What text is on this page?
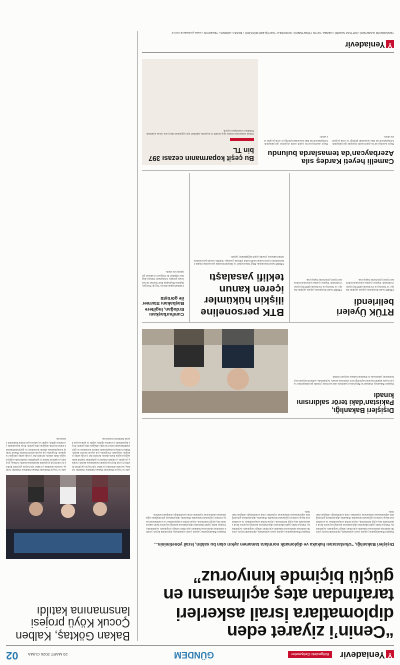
YYeniadevir
Bölgedeki Gelişmeler
GÜNDEM
20 MART 2026 CUMA
02
“Cenin’i ziyaret eden diplomatlara İsrail askerleri tarafından ateş açılmasını en güçlü biçimde kınıyoruz”
Dışişleri Bakanlığı, “Uluslararası hukuka ve diplomatik normlara tamamen aykırı olan bu saldırı, İsrail yönetiminin...
Dışişleri Bakanlığından yapılan yazılı açıklamada, diplomatik heyete yönelik saldırının uluslararası hukukun açık ihlali olduğu vurgulandı. Açıklamada, Türkiye dahil çeşitli ülkelerden diplomatların katıldığı ziyarette İsrail askerlerinin ateş açtığı belirtilerek, olayın derhal soruşturulması ve sorumluların hesap vermesi çağrısında bulunuldu. Bakanlık, diplomatların güvenliğinin sağlanmasının uluslararası toplumun ortak sorumluluğu olduğunu hatırlattı.
Dışişleri Bakanlığından yapılan yazılı açıklamada, diplomatik heyete yönelik saldırının uluslararası hukukun açık ihlali olduğu vurgulandı. Açıklamada, Türkiye dahil çeşitli ülkelerden diplomatların katıldığı ziyarette İsrail askerlerinin ateş açtığı belirtilerek, olayın derhal soruşturulması ve sorumluların hesap vermesi çağrısında bulunuldu. Bakanlık, diplomatların güvenliğinin sağlanmasının uluslararası toplumun ortak sorumluluğu olduğunu hatırlattı.
Dışişleri Bakanlığından yapılan yazılı açıklamada, diplomatik heyete yönelik saldırının uluslararası hukukun açık ihlali olduğu vurgulandı. Açıklamada, Türkiye dahil çeşitli ülkelerden diplomatların katıldığı ziyarette İsrail askerlerinin ateş açtığı belirtilerek, olayın derhal soruşturulması ve sorumluların hesap vermesi çağrısında bulunuldu. Bakanlık, diplomatların güvenliğinin sağlanmasının uluslararası toplumun ortak sorumluluğu olduğunu hatırlattı.
Bakan Göktaş, Kalben Çocuk Köyü projesi lansmanına katıldı
Aile ve Sosyal Hizmetler Bakanı Mahinur Özdemir Göktaş, koruma altındaki çocuklar için hayata geçirilen Kalben Çocuk Köyü projesinin lansmanına katıldı. Göktaş, projenin çocukların bakım ve gelişimine önemli katkı sağlayacağını ifade ederek, devletin her çocuğa sahip çıktığını vurguladı. Programa çok sayıda davetli katıldı. Bakan Göktaş konuşmasında ailenin korunması ve güçlendirilmesinin temel öncelik olduğunu dile getirdi. Proje kapsamında çocuklara eğitim, sağlık ve psikososyal destek hizmetleri sunulacak.
Aile ve Sosyal Hizmetler Bakanı Mahinur Özdemir Göktaş, koruma altındaki çocuklar için hayata geçirilen Kalben Çocuk Köyü projesinin lansmanına katıldı. Göktaş, projenin çocukların bakım ve gelişimine önemli katkı sağlayacağını ifade ederek, devletin her çocuğa sahip çıktığını vurguladı. Programa çok sayıda davetli katıldı. Bakan Göktaş konuşmasında ailenin korunması ve güçlendirilmesinin temel öncelik olduğunu dile getirdi. Proje kapsamında çocuklara eğitim, sağlık ve psikososyal destek hizmetleri sunulacak.
Dışişleri Bakanlığı, Pakistan’daki terör saldırısını kınadı
Dışişleri Bakanlığı, Pakistan’ın Belucistan eyaletinde okul servisine yönelik gerçekleştirilen ve çok sayıda kişinin hayatını kaybettiği terör saldırısını kınadı. Açıklamada, saldırıda hayatını kaybedenlerin yakınlarına ve Pakistan halkına taziyeler iletildi.
RTÜK Üyeleri belirlendi
TBMM Genel Kurulunda yapılan seçimde Radyo ve Televizyon Üst Kurulu (RTÜK) üyeleri belirlendi. Yapılan oylama sonucunda belirlenen üyeler görevlerine başlayacak.
TBMM Genel Kurulunda yapılan seçimde Radyo ve Televizyon Üst Kurulu (RTÜK) üyeleri belirlendi. Yapılan oylama sonucunda belirlenen üyeler görevlerine başlayacak.
BTK personeline ilişkin hükümler içeren kanun teklifi yasalaştı
TBMM Genel Kurulunda, Bilgi Teknolojileri ve İletişim Kurumu personeline ilişkin düzenlemeler içeren kanun teklifi kabul edilerek yasalaştı. Teklifle, kurum personelinin özlük haklarına yönelik çeşitli değişiklikler yapıldı.
Cumhurbaşkanı Erdoğan, İngiltere Başbakanı Starmer ile görüştü
Cumhurbaşkanı Recep Tayyip Erdoğan, İngiltere Başbakanı Keir Starmer ile telefonda görüştü. Görüşmede Türkiye-İngiltere ilişkileri ile bölgesel ve küresel gelişmeler ele alındı.
Camelli heyeti Kardeş sıla Azerbaycan’da temaslarda bulundu
Heyet Azerbaycan’da çeşitli resmi ziyaretler gerçekleştirdi. Görüşmelerde iki ülke arasındaki işbirliği ve ortak projeler ele alındı.
Heyet Azerbaycan’da çeşitli resmi ziyaretler gerçekleştirdi. Görüşmelerde iki ülke arasındaki işbirliği ve ortak projeler ele alındı.
Bu çeşit koparmanın cezası 397 bin TL
Orman alanlarında izinsiz ağaç kesimi ve koparma işlemleri için uygulanan idari para cezası açıklandı. Yetkililer vatandaşları uyardı.
YYeniadevir
YENİADEVİR GAZETESİ • İMTİYAZ SAHİBİ • GENEL YAYIN YÖNETMENİ • SORUMLU YAZI İŞLERİ MÜDÜRÜ • BASKI • ADRES • TELEFON • www.yeniadevir.com.tr
